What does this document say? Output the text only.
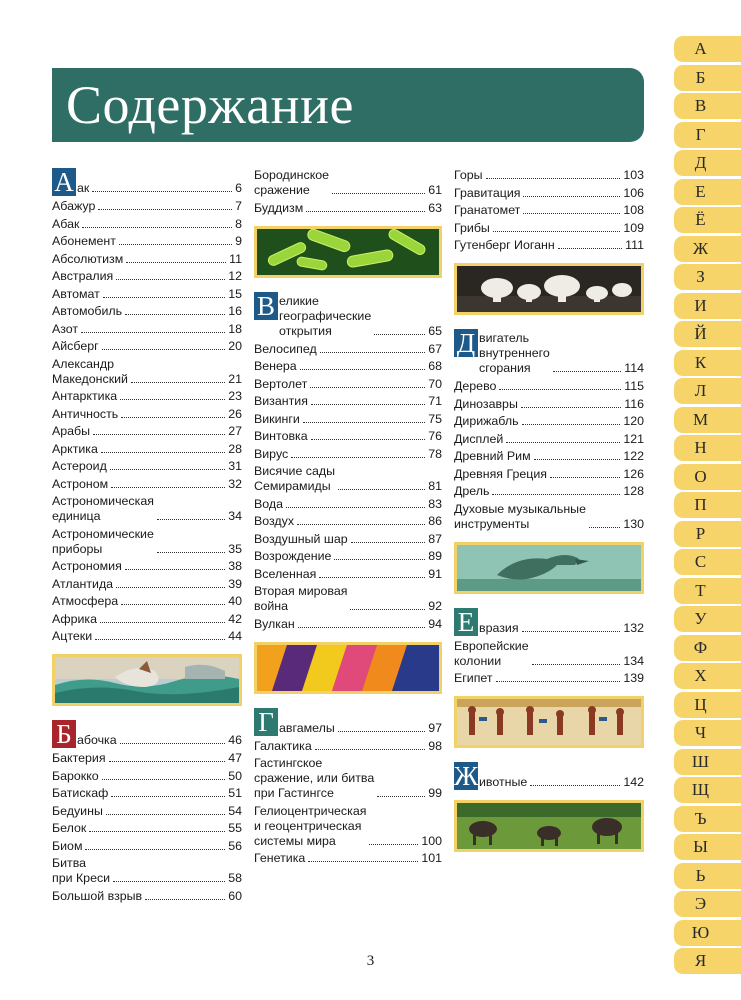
Содержание
А ак	6
Абажур	7
Абак	8
Абонемент	9
Абсолютизм	11
Австралия	12
Автомат	15
Автомобиль	16
Азот	18
Айсберг	20
Александр
Македонский	21
Антарктика	23
Античность	26
Арабы	27
Арктика	28
Астероид	31
Астроном	32
Астрономическая
единица	34
Астрономические
приборы	35
Астрономия	38
Атлантида	39
Атмосфера	40
Африка	42
Ацтеки	44
Б абочка	46
Бактерия	47
Барокко	50
Батискаф	51
Бедуины	54
Белок	55
Биом	56
Битва
при Креси	58
Большой взрыв	60
Бородинское
сражение	61
Буддизм	63
В еликие
географические
открытия	65
Велосипед	67
Венера	68
Вертолет	70
Византия	71
Викинги	75
Винтовка	76
Вирус	78
Висячие сады
Семирамиды	81
Вода	83
Воздух	86
Воздушный шар	87
Возрождение	89
Вселенная	91
Вторая мировая
война	92
Вулкан	94
Г авгамелы	97
Галактика	98
Гастингское
сражение, или битва
при Гастингсе	99
Гелиоцентрическая
и геоцентрическая
системы мира	100
Генетика	101
Горы	103
Гравитация	106
Гранатомет	108
Грибы	109
Гутенберг Иоганн	111
Д вигатель
внутреннего
сгорания	114
Дерево	115
Динозавры	116
Дирижабль	120
Дисплей	121
Древний Рим	122
Древняя Греция	126
Дрель	128
Духовые музыкальные
инструменты	130
Е вразия	132
Европейские
колонии	134
Египет	139
Ж ивотные	142
А
Б
В
Г
Д
Е
Ё
Ж
З
И
Й
К
Л
М
Н
О
П
Р
С
Т
У
Ф
Х
Ц
Ч
Ш
Щ
Ъ
Ы
Ь
Э
Ю
Я
3
